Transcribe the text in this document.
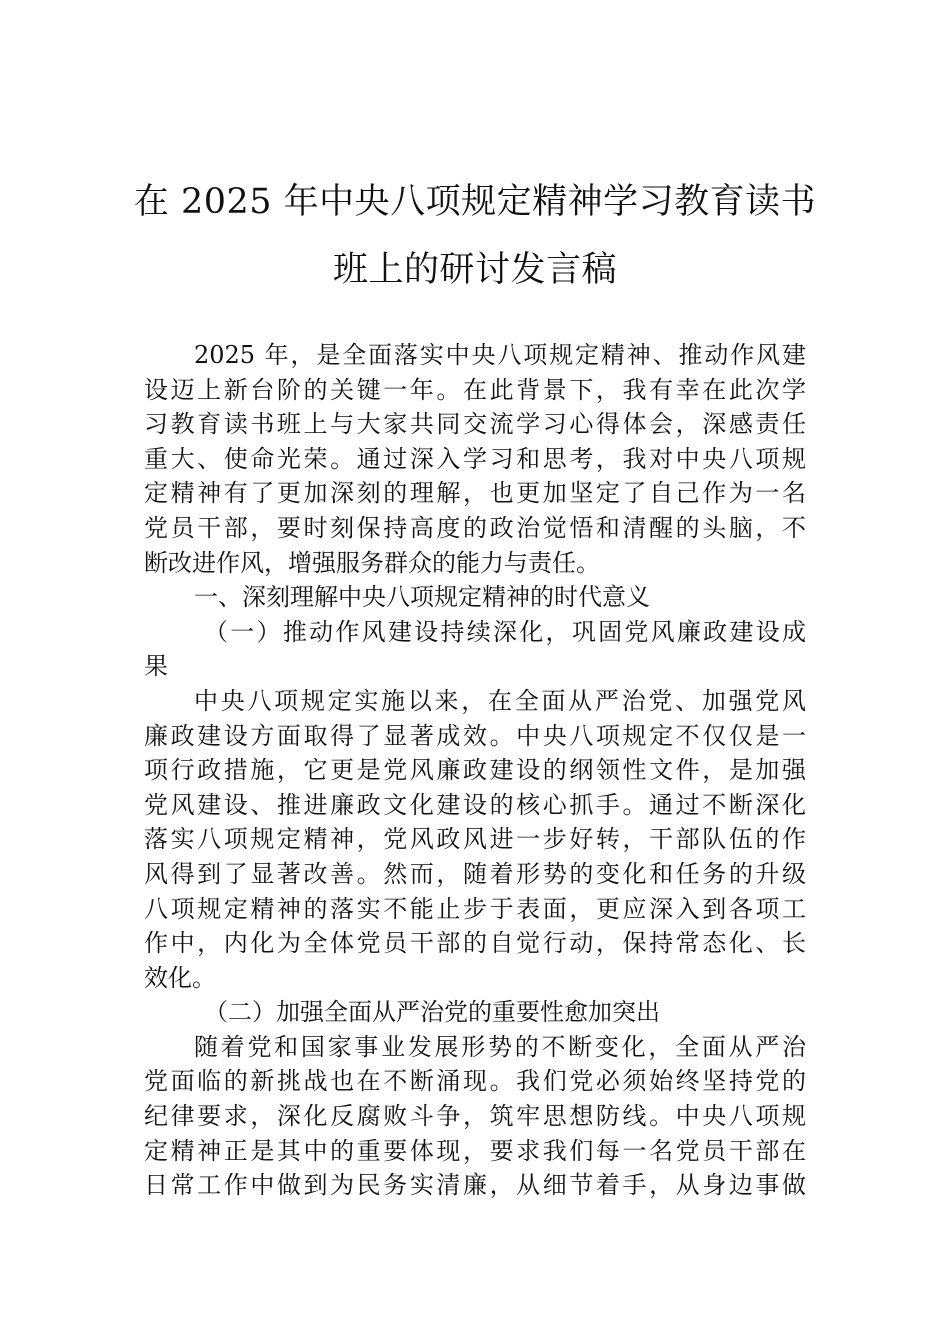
在 2025 年中央八项规定精神学习教育读书
班上的研讨发言稿
2025 年，是全面落实中央八项规定精神、推动作风建
设迈上新台阶的关键一年。在此背景下，我有幸在此次学
习教育读书班上与大家共同交流学习心得体会，深感责任
重大、使命光荣。通过深入学习和思考，我对中央八项规
定精神有了更加深刻的理解，也更加坚定了自己作为一名
党员干部，要时刻保持高度的政治觉悟和清醒的头脑，不
断改进作风，增强服务群众的能力与责任。
一、深刻理解中央八项规定精神的时代意义
（一）推动作风建设持续深化，巩固党风廉政建设成
果
中央八项规定实施以来，在全面从严治党、加强党风
廉政建设方面取得了显著成效。中央八项规定不仅仅是一
项行政措施，它更是党风廉政建设的纲领性文件，是加强
党风建设、推进廉政文化建设的核心抓手。通过不断深化
落实八项规定精神，党风政风进一步好转，干部队伍的作
风得到了显著改善。然而，随着形势的变化和任务的升级
八项规定精神的落实不能止步于表面，更应深入到各项工
作中，内化为全体党员干部的自觉行动，保持常态化、长
效化。
（二）加强全面从严治党的重要性愈加突出
随着党和国家事业发展形势的不断变化，全面从严治
党面临的新挑战也在不断涌现。我们党必须始终坚持党的
纪律要求，深化反腐败斗争，筑牢思想防线。中央八项规
定精神正是其中的重要体现，要求我们每一名党员干部在
日常工作中做到为民务实清廉，从细节着手，从身边事做
